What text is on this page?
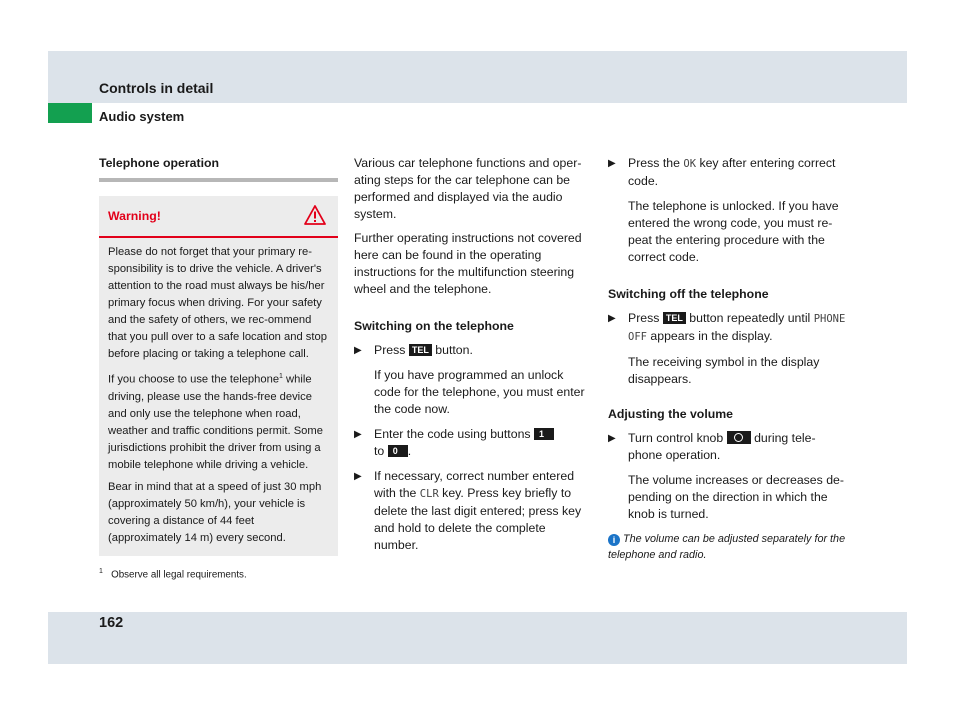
Controls in detail
Audio system
Telephone operation
Warning!

Please do not forget that your primary re-sponsibility is to drive the vehicle. A driver's attention to the road must always be his/her primary focus when driving. For your safety and the safety of others, we rec-ommend that you pull over to a safe location and stop before placing or taking a telephone call.

If you choose to use the telephone$^1$ while driving, please use the hands-free device and only use the telephone when road, weather and traffic conditions permit. Some jurisdictions prohibit the driver from using a mobile telephone while driving a vehicle.

Bear in mind that at a speed of just 30 mph (approximately 50 km/h), your vehicle is covering a distance of 44 feet (approximately 14 m) every second.

$^1$ Observe all legal requirements.

Various car telephone functions and oper-ating steps for the car telephone can be performed and displayed via the audio system.

Further operating instructions not covered here can be found in the operating instructions for the multifunction steering wheel and the telephone.

Switching on the telephone
▶ Press TEL button.
If you have programmed an unlock code for the telephone, you must enter the code now.
▶ Enter the code using buttons 1
to 0 .
▶ If necessary, correct number entered with the CLR key. Press key briefly to delete the last digit entered; press key and hold to delete the complete number.
▶ Press the OK key after entering correct code.
The telephone is unlocked. If you have entered the wrong code, you must re-peat the entering procedure with the correct code.
Switching off the telephone
▶ Press TEL button repeatedly until PHONE OFF appears in the display.
The receiving symbol in the display disappears.
Adjusting the volume
▶ Turn control knob  during tele-phone operation.
The volume increases or decreases de-pending on the direction in which the knob is turned.
i The volume can be adjusted separately for the telephone and radio.
162
